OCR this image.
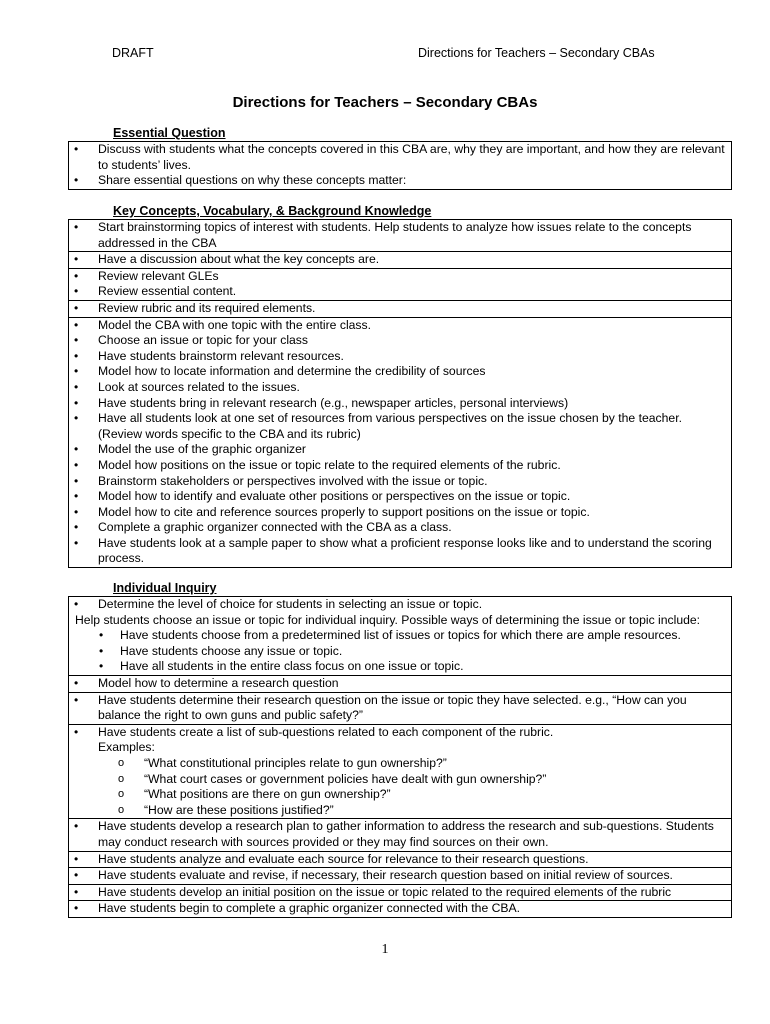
DRAFT	Directions for Teachers – Secondary CBAs
Directions for Teachers – Secondary CBAs
Essential Question
•	Discuss with students what the concepts covered in this CBA are, why they are important, and how they are relevant to students’ lives.
•	Share essential questions on why these concepts matter:
Key Concepts, Vocabulary, & Background Knowledge
•	Start brainstorming topics of interest with students. Help students to analyze how issues relate to the concepts addressed in the CBA
•	Have a discussion about what the key concepts are.
•	Review relevant GLEs
•	Review essential content.
•	Review rubric and its required elements.
•	Model the CBA with one topic with the entire class.
•	Choose an issue or topic for your class
•	Have students brainstorm relevant resources.
•	Model how to locate information and determine the credibility of sources
•	Look at sources related to the issues.
•	Have students bring in relevant research (e.g., newspaper articles, personal interviews)
•	Have all students look at one set of resources from various perspectives on the issue chosen by the teacher. (Review words specific to the CBA and its rubric)
•	Model the use of the graphic organizer
•	Model how positions on the issue or topic relate to the required elements of the rubric.
•	Brainstorm stakeholders or perspectives involved with the issue or topic.
•	Model how to identify and evaluate other positions or perspectives on the issue or topic.
•	Model how to cite and reference sources properly to support positions on the issue or topic.
•	Complete a graphic organizer connected with the CBA as a class.
•	Have students look at a sample paper to show what a proficient response looks like and to understand the scoring process.
Individual Inquiry
•	Determine the level of choice for students in selecting an issue or topic.
Help students choose an issue or topic for individual inquiry. Possible ways of determining the issue or topic include:
•	Have students choose from a predetermined list of issues or topics for which there are ample resources.
•	Have students choose any issue or topic.
•	Have all students in the entire class focus on one issue or topic.
•	Model how to determine a research question
•	Have students determine their research question on the issue or topic they have selected. e.g., “How can you balance the right to own guns and public safety?”
•	Have students create a list of sub-questions related to each component of the rubric.
Examples:
o	“What constitutional principles relate to gun ownership?”
o	“What court cases or government policies have dealt with gun ownership?”
o	“What positions are there on gun ownership?”
o	“How are these positions justified?”
•	Have students develop a research plan to gather information to address the research and sub-questions. Students may conduct research with sources provided or they may find sources on their own.
•	Have students analyze and evaluate each source for relevance to their research questions.
•	Have students evaluate and revise, if necessary, their research question based on initial review of sources.
•	Have students develop an initial position on the issue or topic related to the required elements of the rubric
•	Have students begin to complete a graphic organizer connected with the CBA.
1
